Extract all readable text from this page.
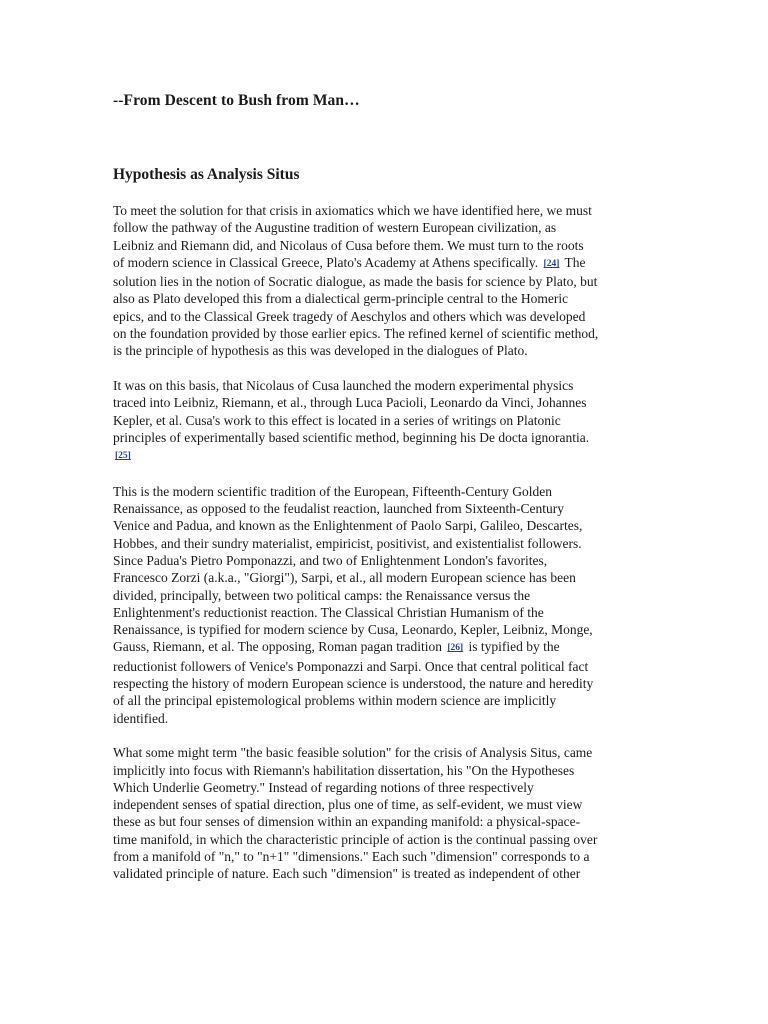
--From Descent to Bush from Man…
Hypothesis as Analysis Situs

To meet the solution for that crisis in axiomatics which we have identified here, we must
follow the pathway of the Augustine tradition of western European civilization, as
Leibniz and Riemann did, and Nicolaus of Cusa before them. We must turn to the roots
of modern science in Classical Greece, Plato's Academy at Athens specifically. [24] The
solution lies in the notion of Socratic dialogue, as made the basis for science by Plato, but
also as Plato developed this from a dialectical germ-principle central to the Homeric
epics, and to the Classical Greek tragedy of Aeschylos and others which was developed
on the foundation provided by those earlier epics. The refined kernel of scientific method,
is the principle of hypothesis as this was developed in the dialogues of Plato.

It was on this basis, that Nicolaus of Cusa launched the modern experimental physics
traced into Leibniz, Riemann, et al., through Luca Pacioli, Leonardo da Vinci, Johannes
Kepler, et al. Cusa's work to this effect is located in a series of writings on Platonic
principles of experimentally based scientific method, beginning his De docta ignorantia.
[25]

This is the modern scientific tradition of the European, Fifteenth-Century Golden
Renaissance, as opposed to the feudalist reaction, launched from Sixteenth-Century
Venice and Padua, and known as the Enlightenment of Paolo Sarpi, Galileo, Descartes,
Hobbes, and their sundry materialist, empiricist, positivist, and existentialist followers.
Since Padua's Pietro Pomponazzi, and two of Enlightenment London's favorites,
Francesco Zorzi (a.k.a., "Giorgi"), Sarpi, et al., all modern European science has been
divided, principally, between two political camps: the Renaissance versus the
Enlightenment's reductionist reaction. The Classical Christian Humanism of the
Renaissance, is typified for modern science by Cusa, Leonardo, Kepler, Leibniz, Monge,
Gauss, Riemann, et al. The opposing, Roman pagan tradition [26] is typified by the
reductionist followers of Venice's Pomponazzi and Sarpi. Once that central political fact
respecting the history of modern European science is understood, the nature and heredity
of all the principal epistemological problems within modern science are implicitly
identified.

What some might term "the basic feasible solution" for the crisis of Analysis Situs, came
implicitly into focus with Riemann's habilitation dissertation, his "On the Hypotheses
Which Underlie Geometry." Instead of regarding notions of three respectively
independent senses of spatial direction, plus one of time, as self-evident, we must view
these as but four senses of dimension within an expanding manifold: a physical-space-
time manifold, in which the characteristic principle of action is the continual passing over
from a manifold of "n," to "n+1" "dimensions." Each such "dimension" corresponds to a
validated principle of nature. Each such "dimension" is treated as independent of other
